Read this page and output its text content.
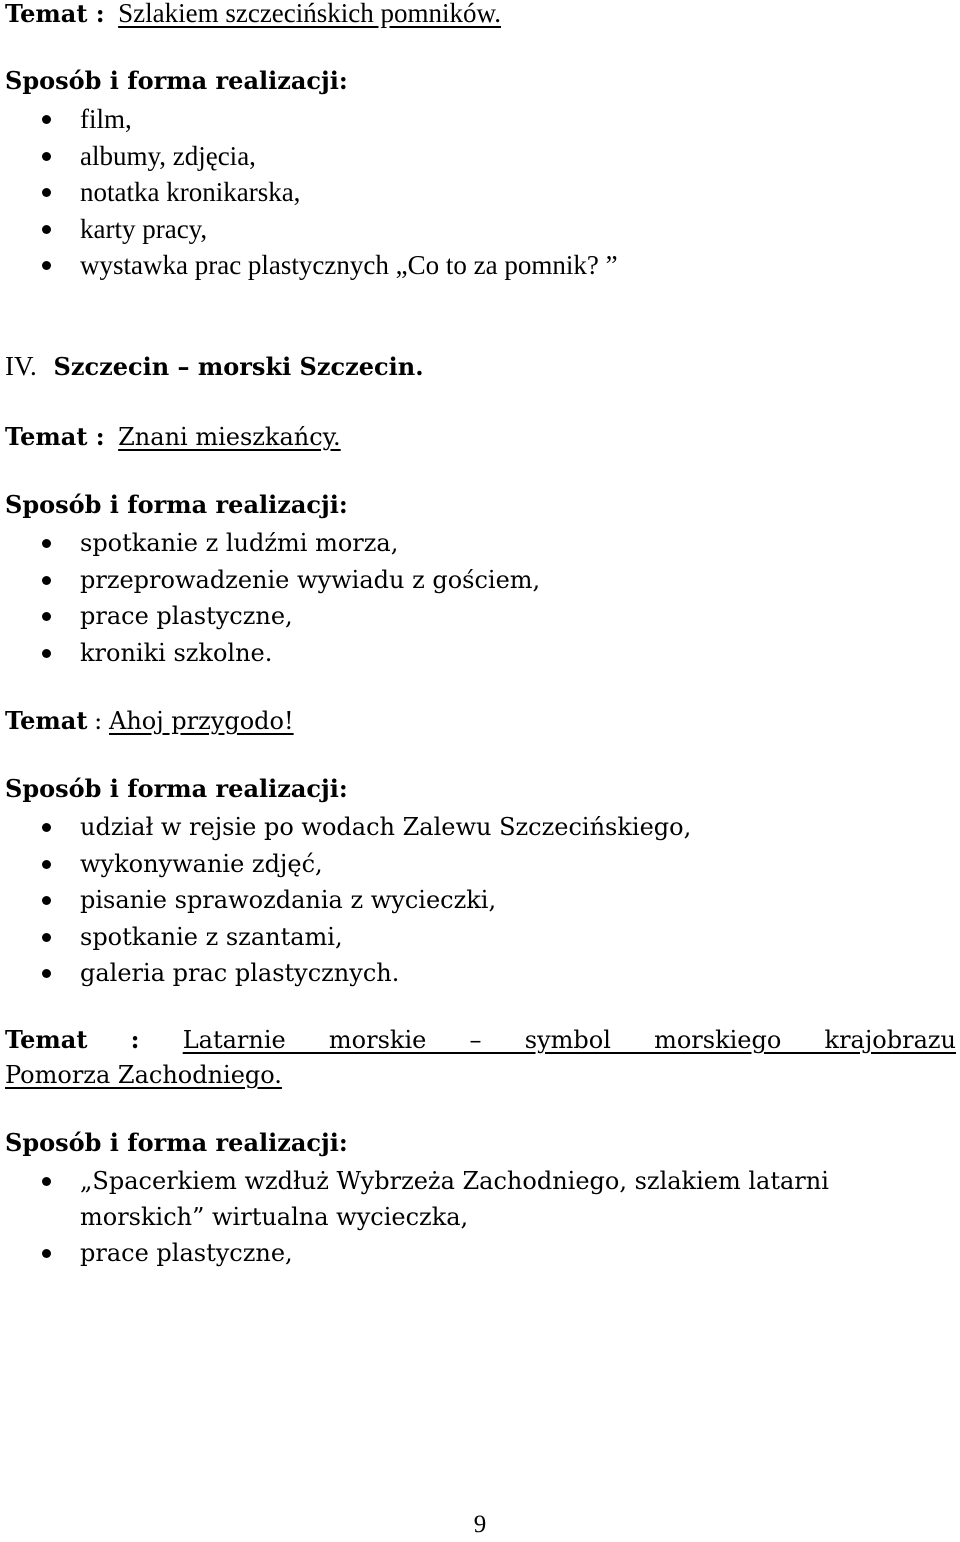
Temat : Szlakiem szczecińskich pomników.
Sposób i forma realizacji:
film,
albumy, zdjęcia,
notatka kronikarska,
karty pracy,
wystawka prac plastycznych „Co to za pomnik? ”
IV. Szczecin – morski Szczecin.
Temat : Znani mieszkańcy.
Sposób i forma realizacji:
spotkanie z ludźmi morza,
przeprowadzenie wywiadu z gościem,
prace plastyczne,
kroniki szkolne.
Temat : Ahoj przygodo!
Sposób i forma realizacji:
udział w rejsie po wodach Zalewu Szczecińskiego,
wykonywanie zdjęć,
pisanie sprawozdania z wycieczki,
spotkanie z szantami,
galeria prac plastycznych.
Temat : Latarnie morskie – symbol morskiego krajobrazu
Pomorza Zachodniego.
Sposób i forma realizacji:
„Spacerkiem wzdłuż Wybrzeża Zachodniego, szlakiem latarni
morskich” wirtualna wycieczka,
prace plastyczne,
9
